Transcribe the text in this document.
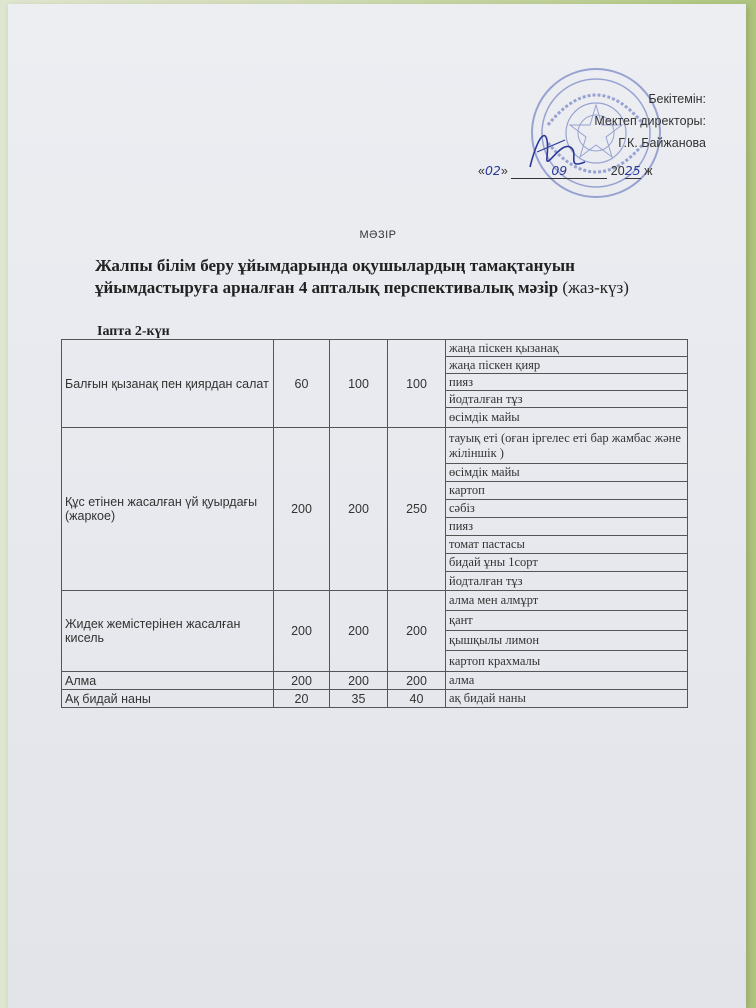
Бекітемін:
Мектеп директоры:
Г.К. Байжанова
«02»	09	2025 ж
МӘЗІР
Жалпы білім беру ұйымдарында оқушылардың тамақтануын
ұйымдастыруға арналған 4 апталық перспективалық мәзір (жаз-күз)
Іапта 2-күн
Балғын қызанақ пен қиярдан салат	60	100	100	жаңа піскен қызанақ
				жаңа піскен қияр
				пияз
				йодталған тұз
				өсімдік майы
Құс етінен жасалған үй қуырдағы (жаркое)	200	200	250	тауық еті (оған іргелес еті бар жамбас және жіліншік )
				өсімдік майы
				картоп
				сәбіз
				пияз
				томат пастасы
				бидай ұны 1сорт
				йодталған тұз
Жидек жемістерінен жасалған кисель	200	200	200	алма мен алмұрт
				қант
				қышқылы лимон
				картоп крахмалы
Алма	200	200	200	алма
Ақ бидай наны	20	35	40	ақ бидай наны
